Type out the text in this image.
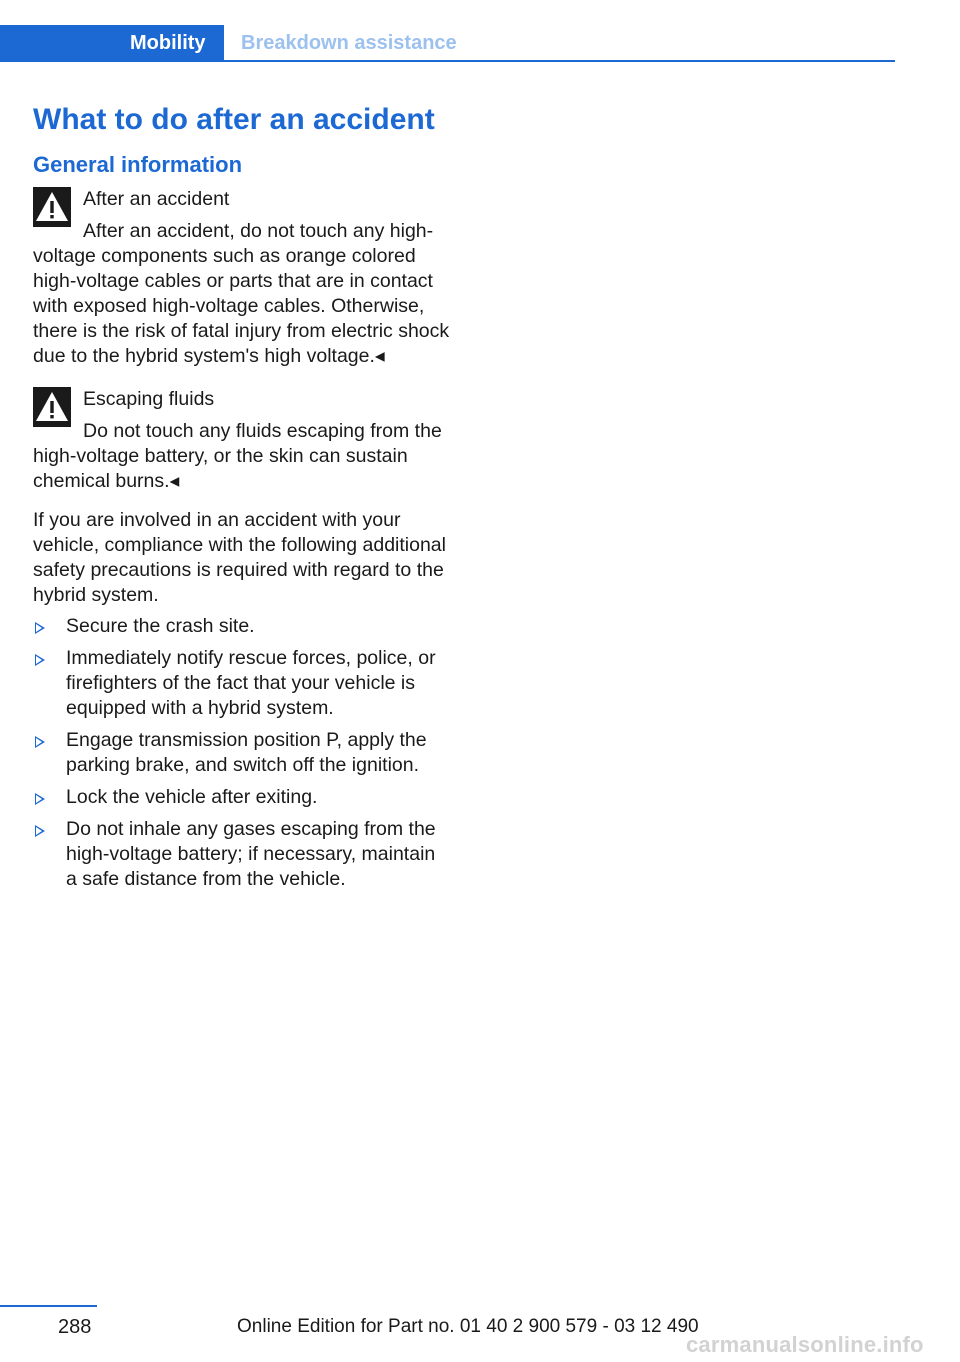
Mobility	Breakdown assistance
What to do after an accident
General information
After an accident
After an accident, do not touch any high-voltage components such as orange colored high-voltage cables or parts that are in contact with exposed high-voltage cables. Otherwise, there is the risk of fatal injury from electric shock due to the hybrid system's high voltage.◂
Escaping fluids
Do not touch any fluids escaping from the high-voltage battery, or the skin can sustain chemical burns.◂
If you are involved in an accident with your vehicle, compliance with the following additional safety precautions is required with regard to the hybrid system.
Secure the crash site.
Immediately notify rescue forces, police, or firefighters of the fact that your vehicle is equipped with a hybrid system.
Engage transmission position P, apply the parking brake, and switch off the ignition.
Lock the vehicle after exiting.
Do not inhale any gases escaping from the high-voltage battery; if necessary, maintain a safe distance from the vehicle.
288	Online Edition for Part no. 01 40 2 900 579 - 03 12 490
carmanualsonline.info
